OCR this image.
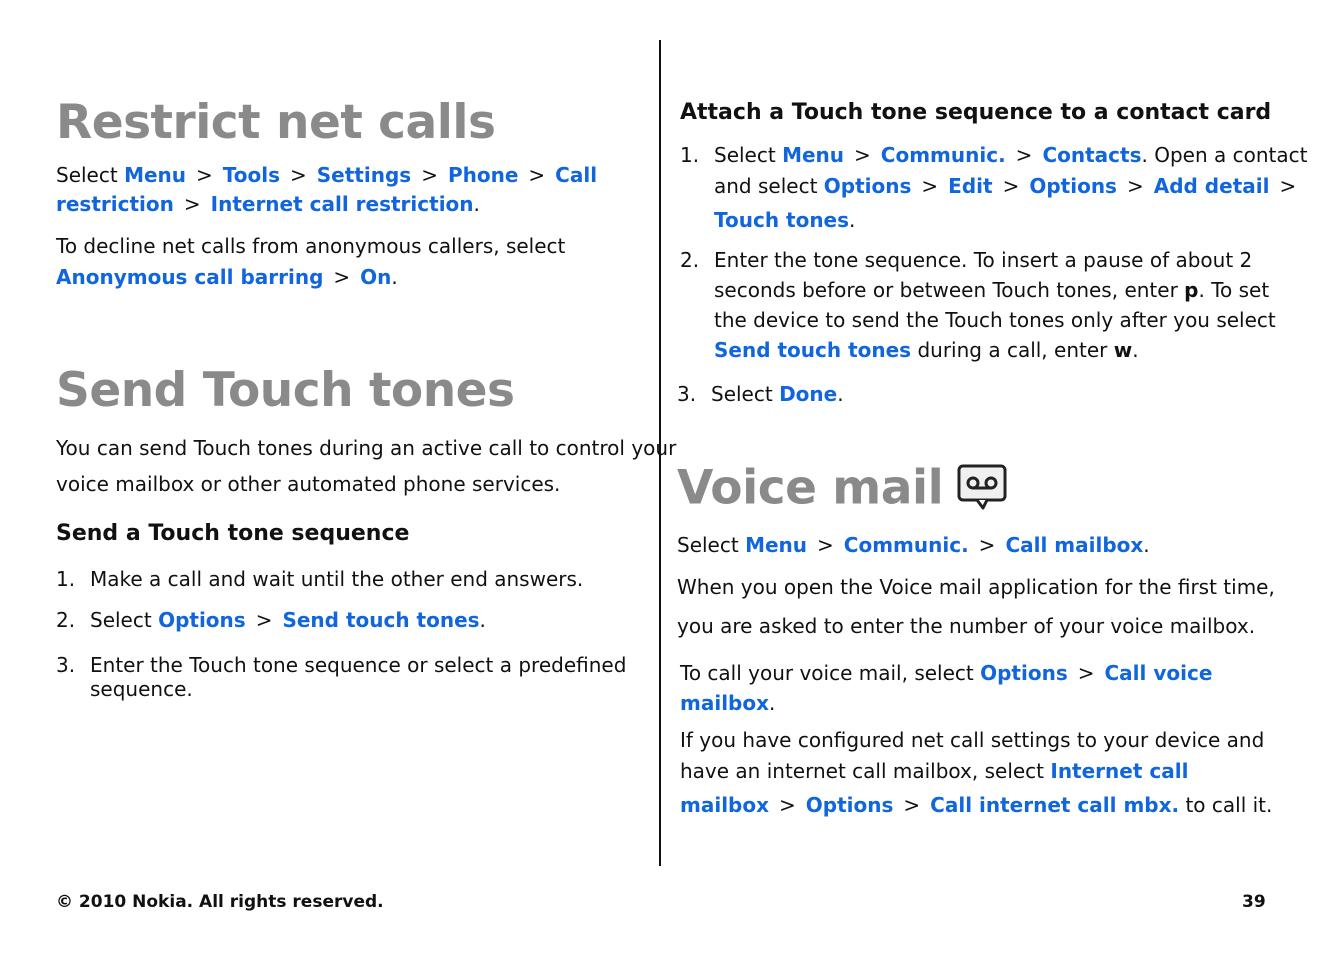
Restrict net calls

Select Menu > Tools > Settings > Phone > Call

restriction > Internet call restriction.

To decline net calls from anonymous callers, select

Anonymous call barring > On.

Send Touch tones

You can send Touch tones during an active call to control your

voice mailbox or other automated phone services.

Send a Touch tone sequence

1. Make a call and wait until the other end answers.

2. Select Options > Send touch tones.

3. Enter the Touch tone sequence or select a predefined

sequence.

Attach a Touch tone sequence to a contact card

1. Select Menu > Communic. > Contacts. Open a contact

and select Options > Edit > Options > Add detail >

Touch tones.

2. Enter the tone sequence. To insert a pause of about 2

seconds before or between Touch tones, enter p. To set

the device to send the Touch tones only after you select

Send touch tones during a call, enter w.

3. Select Done.

Voice mail

Select Menu > Communic. > Call mailbox.

When you open the Voice mail application for the first time,

you are asked to enter the number of your voice mailbox.

To call your voice mail, select Options > Call voice

mailbox.

If you have configured net call settings to your device and

have an internet call mailbox, select Internet call

mailbox > Options > Call internet call mbx. to call it.

© 2010 Nokia. All rights reserved.	39
